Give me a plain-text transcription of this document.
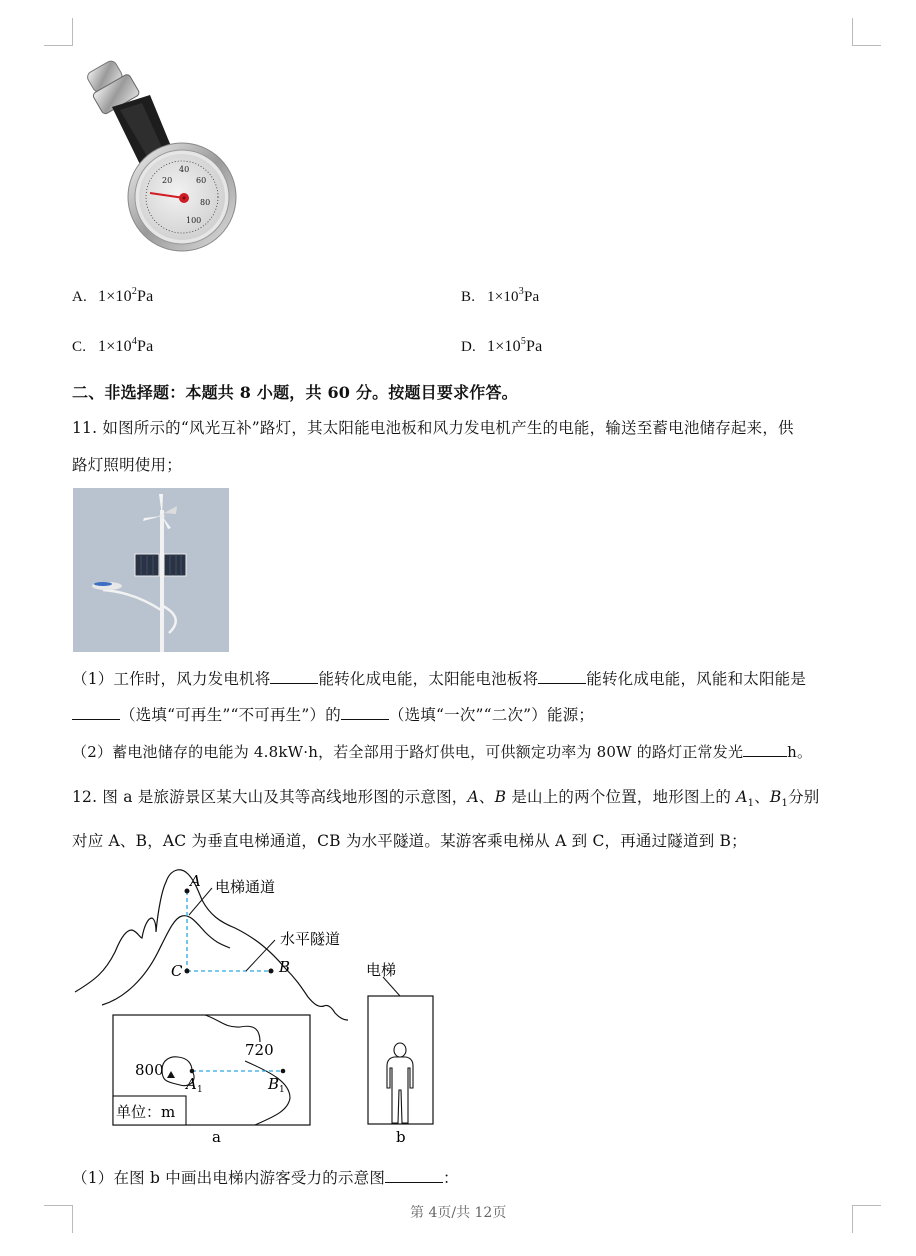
20
40
60
80
100
A. $1\times 10^2Pa$	B. $1\times 10^3Pa$
C. $1\times 10^4Pa$	D. $1\times 10^5Pa$
二、非选择题：本题共 8 小题，共 60 分。按题目要求作答。
11. 如图所示的“风光互补”路灯，其太阳能电池板和风力发电机产生的电能，输送至蓄电池储存起来，供
路灯照明使用；
（1）工作时，风力发电机将	能转化成电能，太阳能电池板将	能转化成电能，风能和太阳能是
（选填“可再生”“不可再生”）的	（选填“一次”“二次”）能源；
（2）蓄电池储存的电能为 4.8kW·h，若全部用于路灯供电，可供额定功率为 80W 的路灯正常发光	h。
12. 图 a 是旅游景区某大山及其等高线地形图的示意图，A、B 是山上的两个位置，地形图上的 $A_1$、$B_1$分别
对应 A、B，AC 为垂直电梯通道，CB 为水平隧道。某游客乘电梯从 A 到 C，再通过隧道到 B；
A 电梯通道
C	B
水平隧道
电梯
800
720
A 1	B 1
单位：m
a	b
（1）在图 b 中画出电梯内游客受力的示意图	：
第 4页/共 12页
